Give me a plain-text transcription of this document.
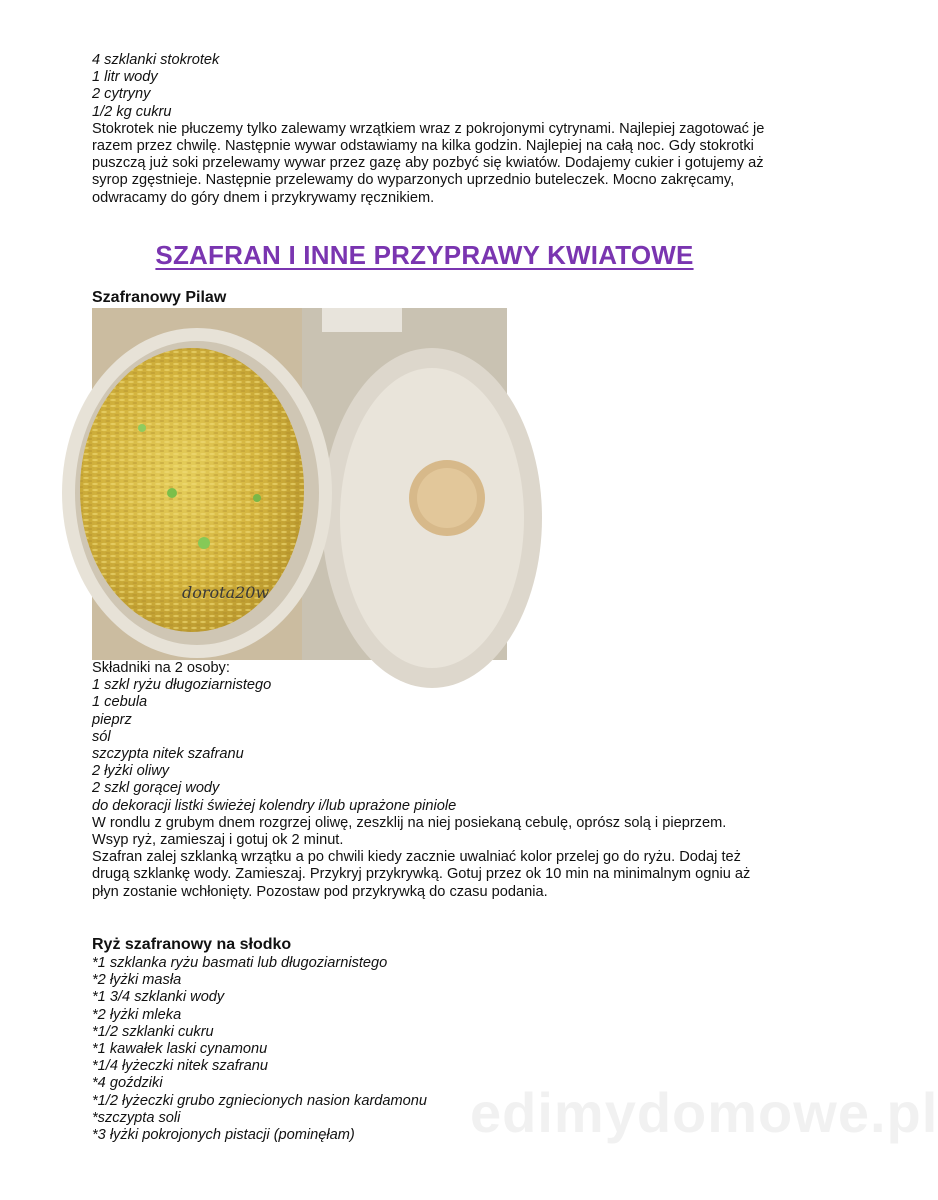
4 szklanki stokrotek
1 litr wody
2 cytryny
1/2 kg cukru
Stokrotek nie płuczemy tylko zalewamy wrzątkiem wraz z pokrojonymi cytrynami. Najlepiej zagotować je
razem przez chwilę. Następnie wywar odstawiamy na kilka godzin. Najlepiej na całą noc. Gdy stokrotki
puszczą już soki przelewamy wywar przez gazę aby pozbyć się kwiatów. Dodajemy cukier i gotujemy aż
syrop zgęstnieje. Następnie przelewamy do wyparzonych uprzednio buteleczek. Mocno zakręcamy,
odwracamy do góry dnem i przykrywamy ręcznikiem.
SZAFRAN I INNE PRZYPRAWY KWIATOWE
Szafranowy Pilaw
dorota20w
Składniki na 2 osoby:
1 szkl ryżu długoziarnistego
1 cebula
pieprz
sól
szczypta nitek szafranu
2 łyżki oliwy
2 szkl gorącej wody
do dekoracji listki świeżej kolendry i/lub uprażone piniole
W rondlu z grubym dnem rozgrzej oliwę, zeszklij na niej posiekaną cebulę, oprósz solą i pieprzem.
Wsyp ryż, zamieszaj i gotuj ok 2 minut.
Szafran zalej szklanką wrzątku a po chwili kiedy zacznie uwalniać kolor przelej go do ryżu. Dodaj też
drugą szklankę wody. Zamieszaj. Przykryj przykrywką. Gotuj przez ok 10 min na minimalnym ogniu aż
płyn zostanie wchłonięty. Pozostaw pod przykrywką do czasu podania.
Ryż szafranowy na słodko
*1 szklanka ryżu basmati lub długoziarnistego
*2 łyżki masła
*1 3/4 szklanki wody
*2 łyżki mleka
*1/2 szklanki cukru
*1 kawałek laski cynamonu
*1/4 łyżeczki nitek szafranu
*4 goździki
*1/2 łyżeczki grubo zgniecionych nasion kardamonu
*szczypta soli
*3 łyżki pokrojonych pistacji (pominęłam)	edimydomowe.pl
